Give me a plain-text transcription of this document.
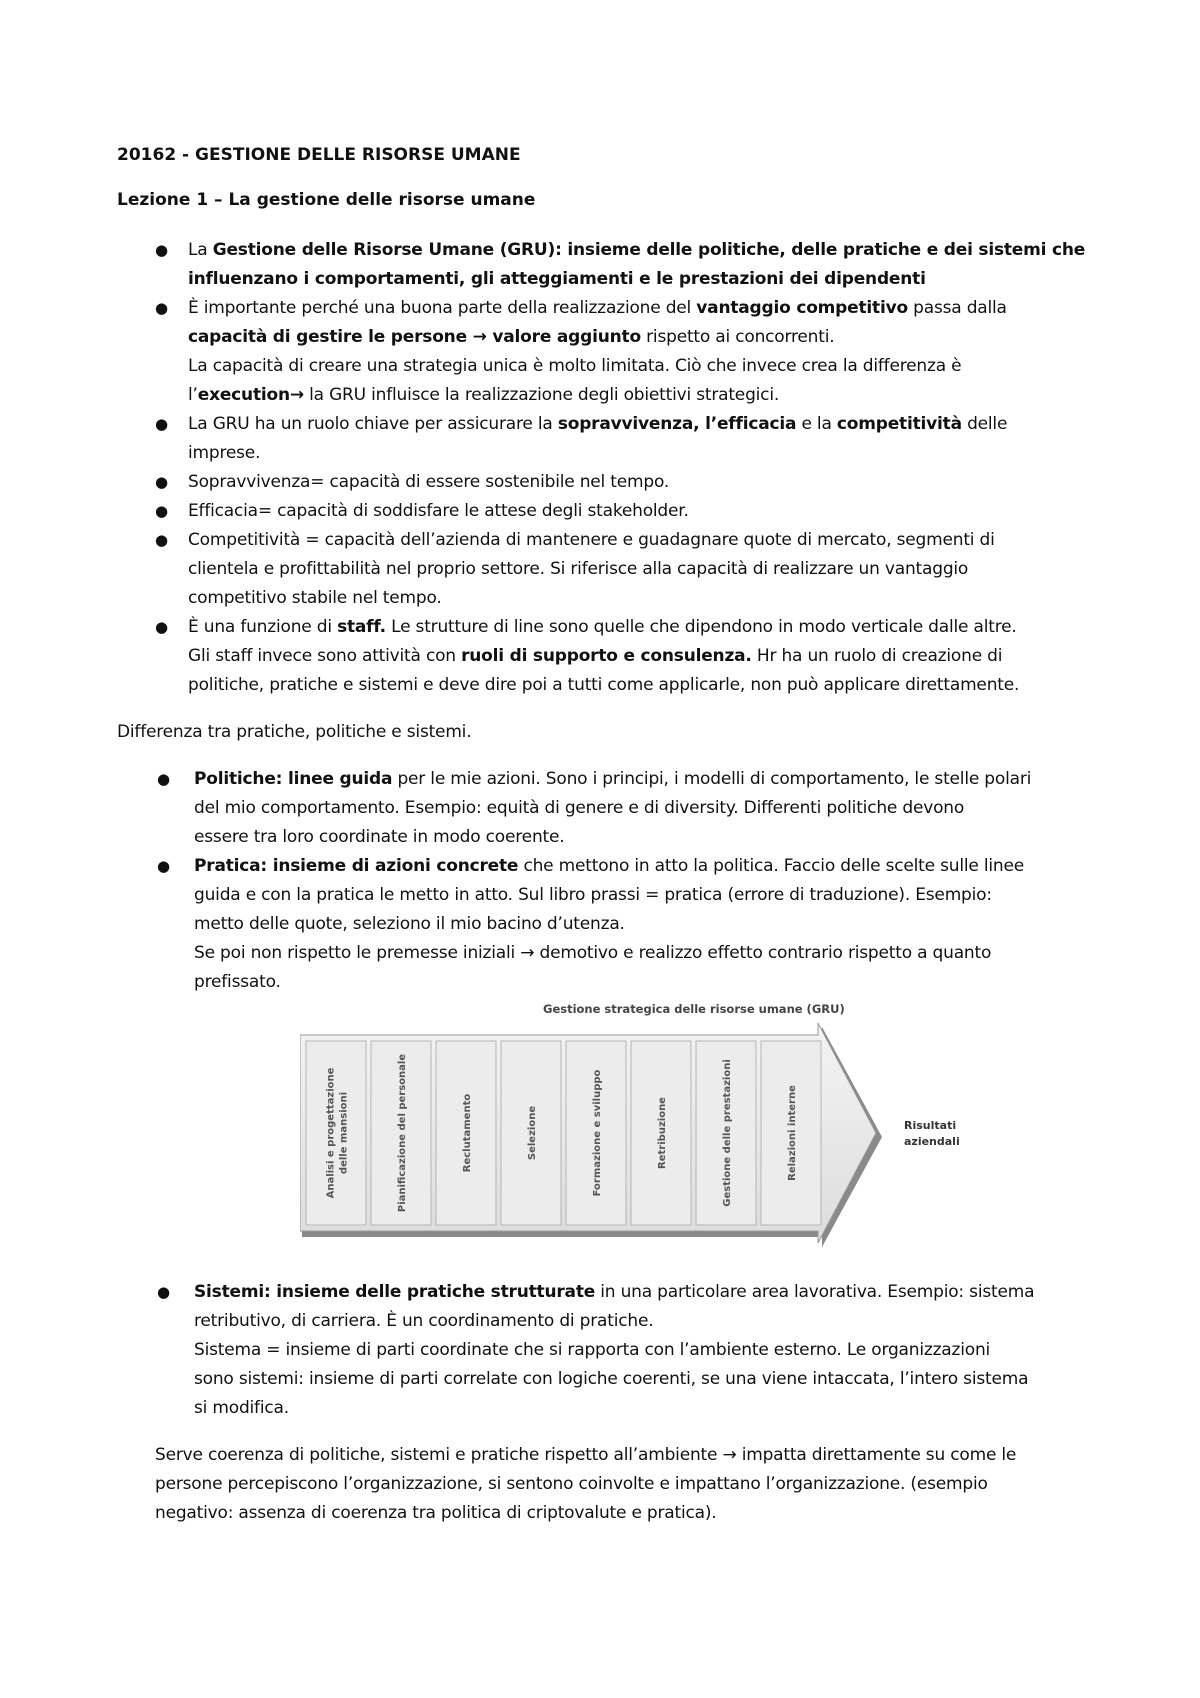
20162 - GESTIONE DELLE RISORSE UMANE
Lezione 1 – La gestione delle risorse umane
● La Gestione delle Risorse Umane (GRU): insieme delle politiche, delle pratiche e dei sistemi che
influenzano i comportamenti, gli atteggiamenti e le prestazioni dei dipendenti
● È importante perché una buona parte della realizzazione del vantaggio competitivo passa dalla
capacità di gestire le persone → valore aggiunto rispetto ai concorrenti.
La capacità di creare una strategia unica è molto limitata. Ciò che invece crea la differenza è
l’execution→ la GRU influisce la realizzazione degli obiettivi strategici.
● La GRU ha un ruolo chiave per assicurare la sopravvivenza, l’efficacia e la competitività delle
imprese.
● Sopravvivenza= capacità di essere sostenibile nel tempo.
● Efficacia= capacità di soddisfare le attese degli stakeholder.
● Competitività = capacità dell’azienda di mantenere e guadagnare quote di mercato, segmenti di
clientela e profittabilità nel proprio settore. Si riferisce alla capacità di realizzare un vantaggio
competitivo stabile nel tempo.
● È una funzione di staff. Le strutture di line sono quelle che dipendono in modo verticale dalle altre.
Gli staff invece sono attività con ruoli di supporto e consulenza. Hr ha un ruolo di creazione di
politiche, pratiche e sistemi e deve dire poi a tutti come applicarle, non può applicare direttamente.
Differenza tra pratiche, politiche e sistemi.
● Politiche: linee guida per le mie azioni. Sono i principi, i modelli di comportamento, le stelle polari
del mio comportamento. Esempio: equità di genere e di diversity. Differenti politiche devono
essere tra loro coordinate in modo coerente.
● Pratica: insieme di azioni concrete che mettono in atto la politica. Faccio delle scelte sulle linee
guida e con la pratica le metto in atto. Sul libro prassi = pratica (errore di traduzione). Esempio:
metto delle quote, seleziono il mio bacino d’utenza.
Se poi non rispetto le premesse iniziali → demotivo e realizzo effetto contrario rispetto a quanto
prefissato.
Gestione strategica delle risorse umane (GRU)
Analisi e progettazione delle mansioni	Pianificazione del personale	Reclutamento	Selezione	Formazione e sviluppo	Retribuzione	Gestione delle prestazioni	Relazioni interne	Risultati
aziendali
● Sistemi: insieme delle pratiche strutturate in una particolare area lavorativa. Esempio: sistema
retributivo, di carriera. È un coordinamento di pratiche.
Sistema = insieme di parti coordinate che si rapporta con l’ambiente esterno. Le organizzazioni
sono sistemi: insieme di parti correlate con logiche coerenti, se una viene intaccata, l’intero sistema
si modifica.
Serve coerenza di politiche, sistemi e pratiche rispetto all’ambiente → impatta direttamente su come le
persone percepiscono l’organizzazione, si sentono coinvolte e impattano l’organizzazione. (esempio
negativo: assenza di coerenza tra politica di criptovalute e pratica).
